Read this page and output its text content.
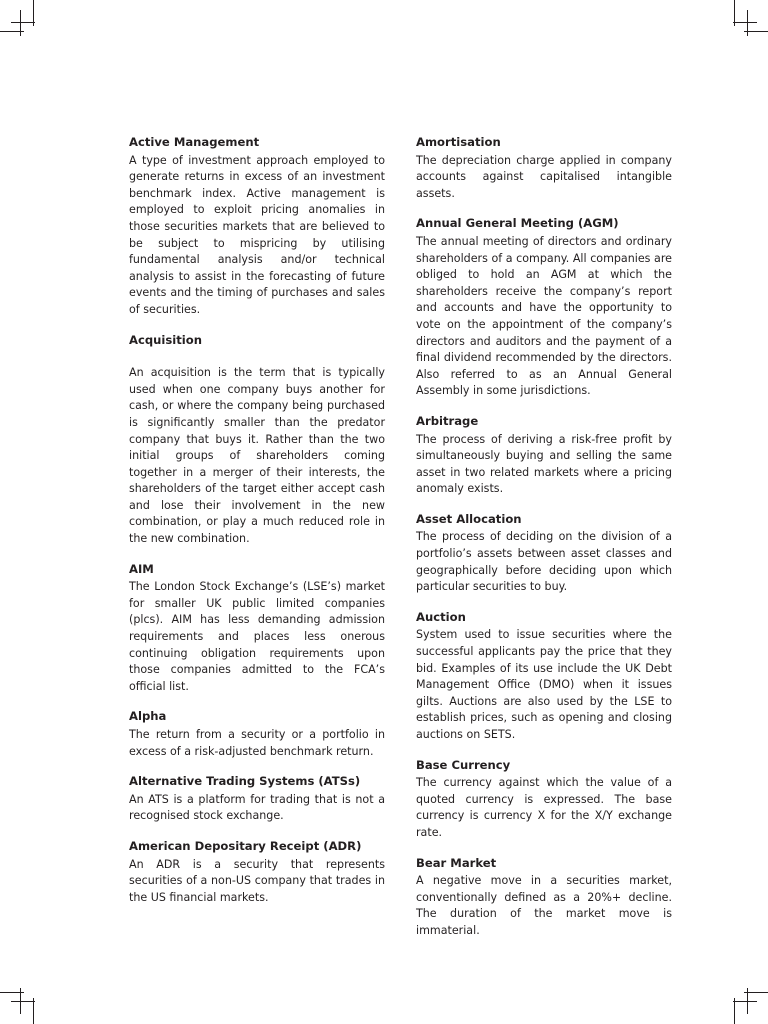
Active Management

A type of investment approach employed to generate returns in excess of an investment benchmark index. Active management is employed to exploit pricing anomalies in those securities markets that are believed to be subject to mispricing by utilising fundamental analysis and/or technical analysis to assist in the forecasting of future events and the timing of purchases and sales of securities.

Acquisition

An acquisition is the term that is typically used when one company buys another for cash, or where the company being purchased is significantly smaller than the predator company that buys it. Rather than the two initial groups of shareholders coming together in a merger of their interests, the shareholders of the target either accept cash and lose their involvement in the new combination, or play a much reduced role in the new combination.

AIM

The London Stock Exchange’s (LSE’s) market for smaller UK public limited companies (plcs). AIM has less demanding admission requirements and places less onerous continuing obligation requirements upon those companies admitted to the FCA’s official list.

Alpha

The return from a security or a portfolio in excess of a risk-adjusted benchmark return.

Alternative Trading Systems (ATSs)

An ATS is a platform for trading that is not a recognised stock exchange.

American Depositary Receipt (ADR)

An ADR is a security that represents securities of a non-US company that trades in the US financial markets.

Amortisation

The depreciation charge applied in company accounts against capitalised intangible assets.

Annual General Meeting (AGM)

The annual meeting of directors and ordinary shareholders of a company. All companies are obliged to hold an AGM at which the shareholders receive the company’s report and accounts and have the opportunity to vote on the appointment of the company’s directors and auditors and the payment of a final dividend recommended by the directors. Also referred to as an Annual General Assembly in some jurisdictions.

Arbitrage

The process of deriving a risk-free profit by simultaneously buying and selling the same asset in two related markets where a pricing anomaly exists.

Asset Allocation

The process of deciding on the division of a portfolio’s assets between asset classes and geographically before deciding upon which particular securities to buy.

Auction

System used to issue securities where the successful applicants pay the price that they bid. Examples of its use include the UK Debt Management Office (DMO) when it issues gilts. Auctions are also used by the LSE to establish prices, such as opening and closing auctions on SETS.

Base Currency

The currency against which the value of a quoted currency is expressed. The base currency is currency X for the X/Y exchange rate.

Bear Market

A negative move in a securities market, conventionally defined as a 20%+ decline. The duration of the market move is immaterial.
